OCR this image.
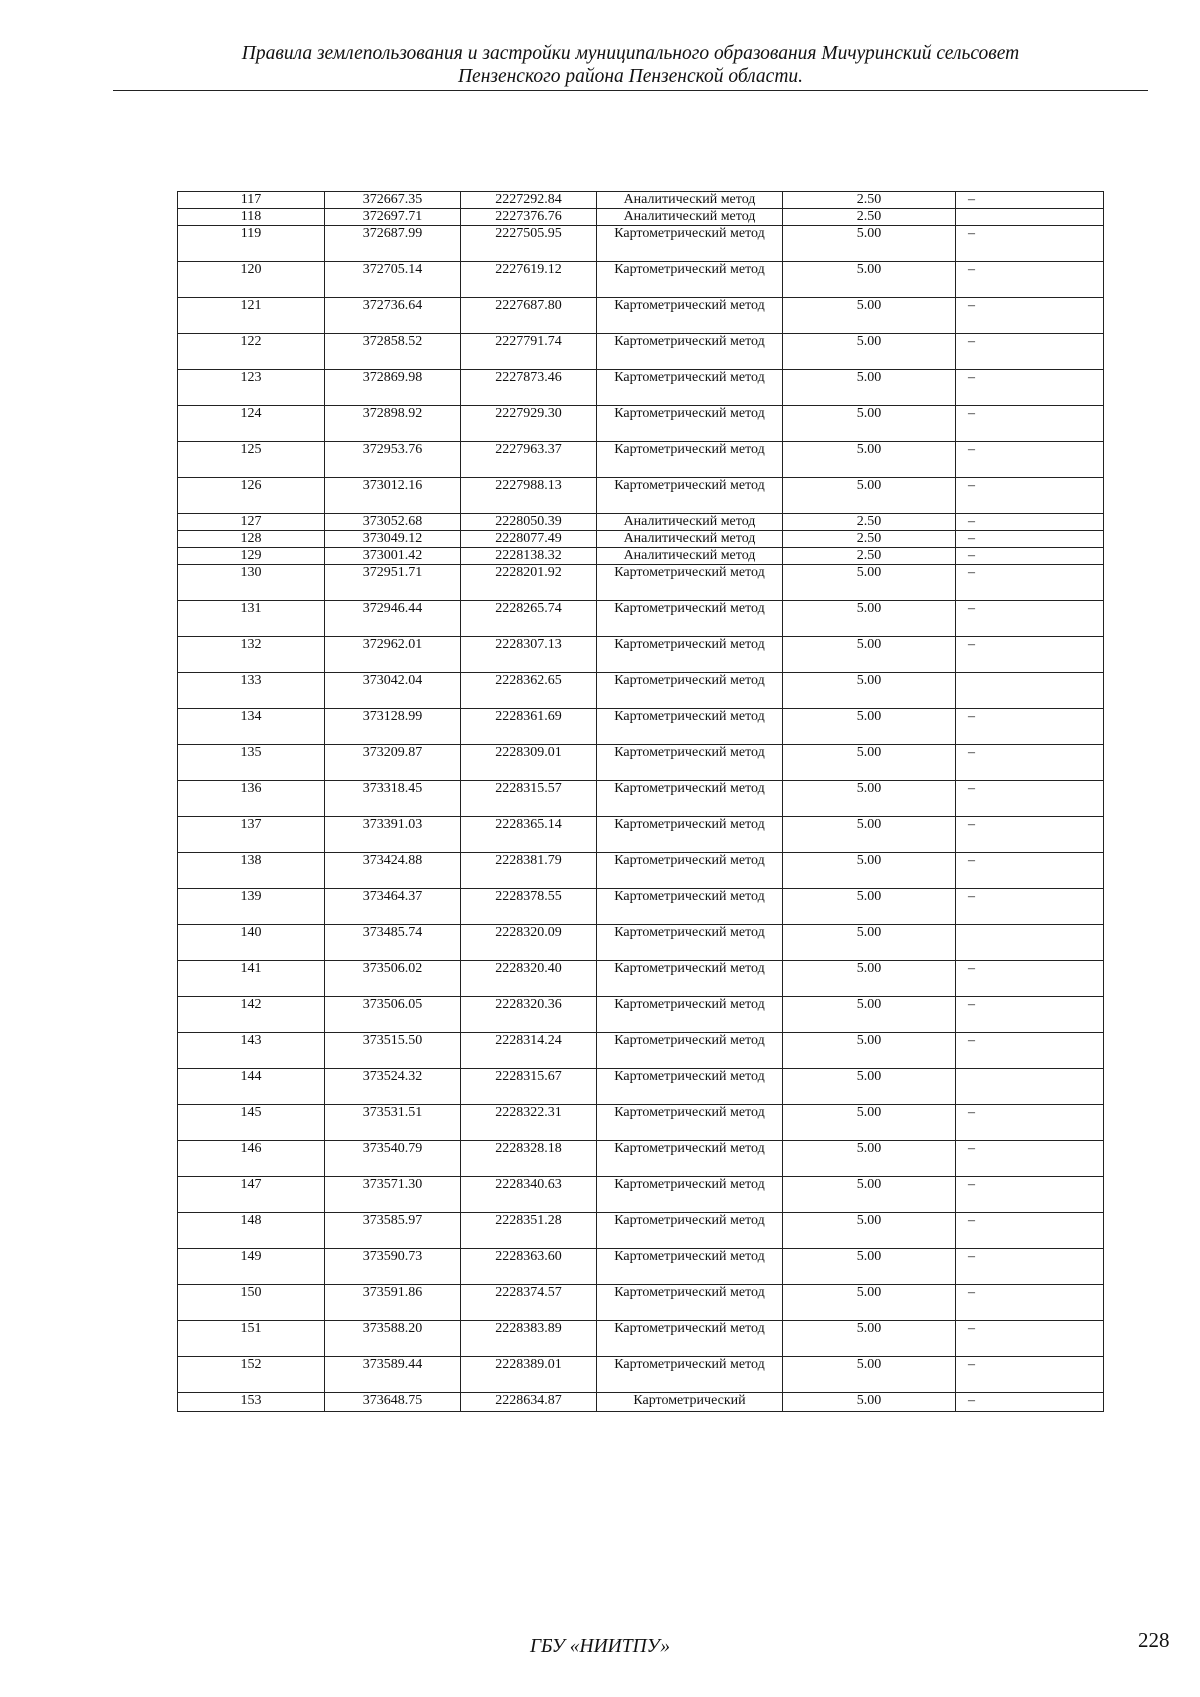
Правила землепользования и застройки муниципального образования Мичуринский сельсовет
Пензенского района Пензенской области.
117	372667.35	2227292.84	Аналитический метод	2.50	–
118	372697.71	2227376.76	Аналитический метод	2.50	
119	372687.99	2227505.95	Картометрический метод	5.00	–
120	372705.14	2227619.12	Картометрический метод	5.00	–
121	372736.64	2227687.80	Картометрический метод	5.00	–
122	372858.52	2227791.74	Картометрический метод	5.00	–
123	372869.98	2227873.46	Картометрический метод	5.00	–
124	372898.92	2227929.30	Картометрический метод	5.00	–
125	372953.76	2227963.37	Картометрический метод	5.00	–
126	373012.16	2227988.13	Картометрический метод	5.00	–
127	373052.68	2228050.39	Аналитический метод	2.50	–
128	373049.12	2228077.49	Аналитический метод	2.50	–
129	373001.42	2228138.32	Аналитический метод	2.50	–
130	372951.71	2228201.92	Картометрический метод	5.00	–
131	372946.44	2228265.74	Картометрический метод	5.00	–
132	372962.01	2228307.13	Картометрический метод	5.00	–
133	373042.04	2228362.65	Картометрический метод	5.00	
134	373128.99	2228361.69	Картометрический метод	5.00	–
135	373209.87	2228309.01	Картометрический метод	5.00	–
136	373318.45	2228315.57	Картометрический метод	5.00	–
137	373391.03	2228365.14	Картометрический метод	5.00	–
138	373424.88	2228381.79	Картометрический метод	5.00	–
139	373464.37	2228378.55	Картометрический метод	5.00	–
140	373485.74	2228320.09	Картометрический метод	5.00	
141	373506.02	2228320.40	Картометрический метод	5.00	–
142	373506.05	2228320.36	Картометрический метод	5.00	–
143	373515.50	2228314.24	Картометрический метод	5.00	–
144	373524.32	2228315.67	Картометрический метод	5.00	
145	373531.51	2228322.31	Картометрический метод	5.00	–
146	373540.79	2228328.18	Картометрический метод	5.00	–
147	373571.30	2228340.63	Картометрический метод	5.00	–
148	373585.97	2228351.28	Картометрический метод	5.00	–
149	373590.73	2228363.60	Картометрический метод	5.00	–
150	373591.86	2228374.57	Картометрический метод	5.00	–
151	373588.20	2228383.89	Картометрический метод	5.00	–
152	373589.44	2228389.01	Картометрический метод	5.00	–
153	373648.75	2228634.87	Картометрический	5.00	–
ГБУ «НИИТПУ»	228
